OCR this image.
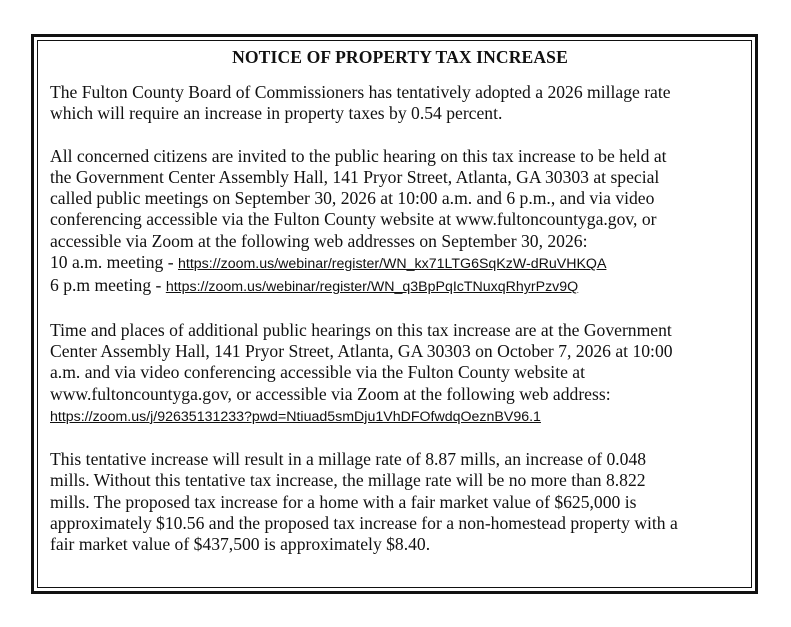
NOTICE OF PROPERTY TAX INCREASE
The Fulton County Board of Commissioners has tentatively adopted a 2026 millage rate
which will require an increase in property taxes by 0.54 percent.
All concerned citizens are invited to the public hearing on this tax increase to be held at
the Government Center Assembly Hall, 141 Pryor Street, Atlanta, GA 30303 at special
called public meetings on September 30, 2026 at 10:00 a.m. and 6 p.m., and via video
conferencing accessible via the Fulton County website at www.fultoncountyga.gov, or
accessible via Zoom at the following web addresses on September 30, 2026:
10 a.m. meeting - https://zoom.us/webinar/register/WN_kx71LTG6SqKzW-dRuVHKQA
6 p.m meeting - https://zoom.us/webinar/register/WN_q3BpPqIcTNuxqRhyrPzv9Q
Time and places of additional public hearings on this tax increase are at the Government
Center Assembly Hall, 141 Pryor Street, Atlanta, GA 30303 on October 7, 2026 at 10:00
a.m. and via video conferencing accessible via the Fulton County website at
www.fultoncountyga.gov, or accessible via Zoom at the following web address:
https://zoom.us/j/92635131233?pwd=Ntiuad5smDju1VhDFOfwdqOeznBV96.1
This tentative increase will result in a millage rate of 8.87 mills, an increase of 0.048
mills. Without this tentative tax increase, the millage rate will be no more than 8.822
mills. The proposed tax increase for a home with a fair market value of $625,000 is
approximately $10.56 and the proposed tax increase for a non-homestead property with a
fair market value of $437,500 is approximately $8.40.
